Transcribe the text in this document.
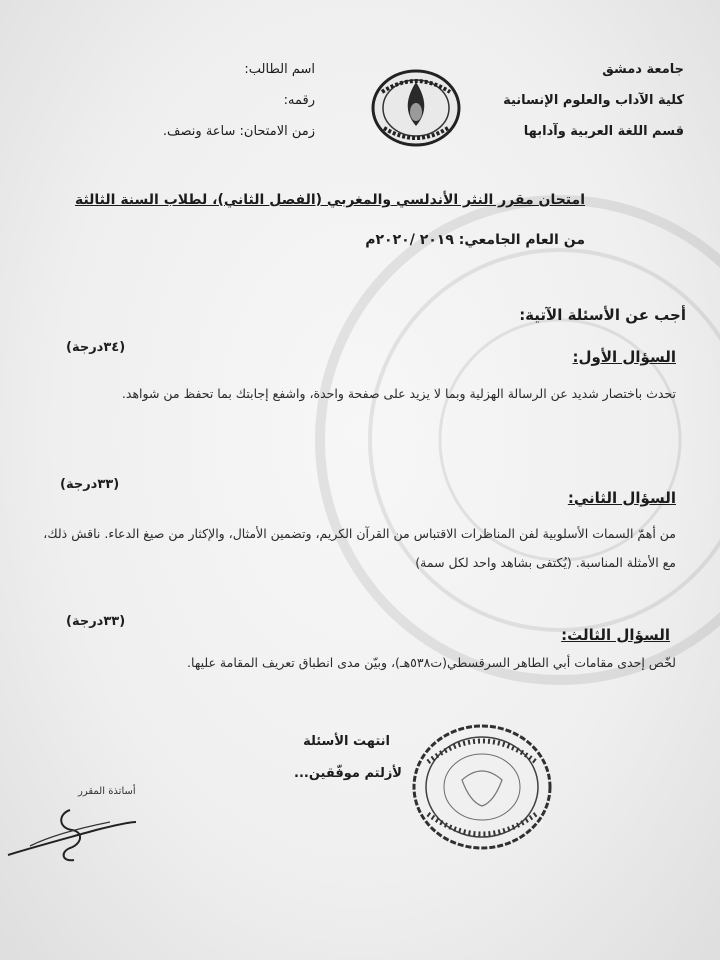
جامعة دمشق
كلية الآداب والعلوم الإنسانية
قسم اللغة العربية وآدابها
اسم الطالب:
رقمه:
زمن الامتحان: ساعة ونصف.
امتحان مقرر النثر الأندلسي والمغربي (الفصل الثاني)، لطلاب السنة الثالثة
من العام الجامعي: ٢٠١٩ /٢٠٢٠م
أجب عن الأسئلة الآتية:
السؤال الأول:
(٣٤درجة)
تحدث باختصار شديد عن الرسالة الهزلية وبما لا يزيد على صفحة واحدة، واشفع إجابتك بما تحفظ من شواهد.
السؤال الثاني:
(٣٣درجة)
من أهمّ السمات الأسلوبية لفن المناظرات الاقتباس من القرآن الكريم، وتضمين الأمثال، والإكثار من صيغ الدعاء. ناقش ذلك، مع الأمثلة المناسبة. (يُكتفى بشاهد واحد لكل سمة)
السؤال الثالث:
(٣٣درجة)
لخّص إحدى مقامات أبي الطاهر السرقسطي(ت٥٣٨هـ)، وبيّن مدى انطباق تعريف المقامة عليها.
انتهت الأسئلة
لأزلتم موفّقين...
أساتذة المقرر
